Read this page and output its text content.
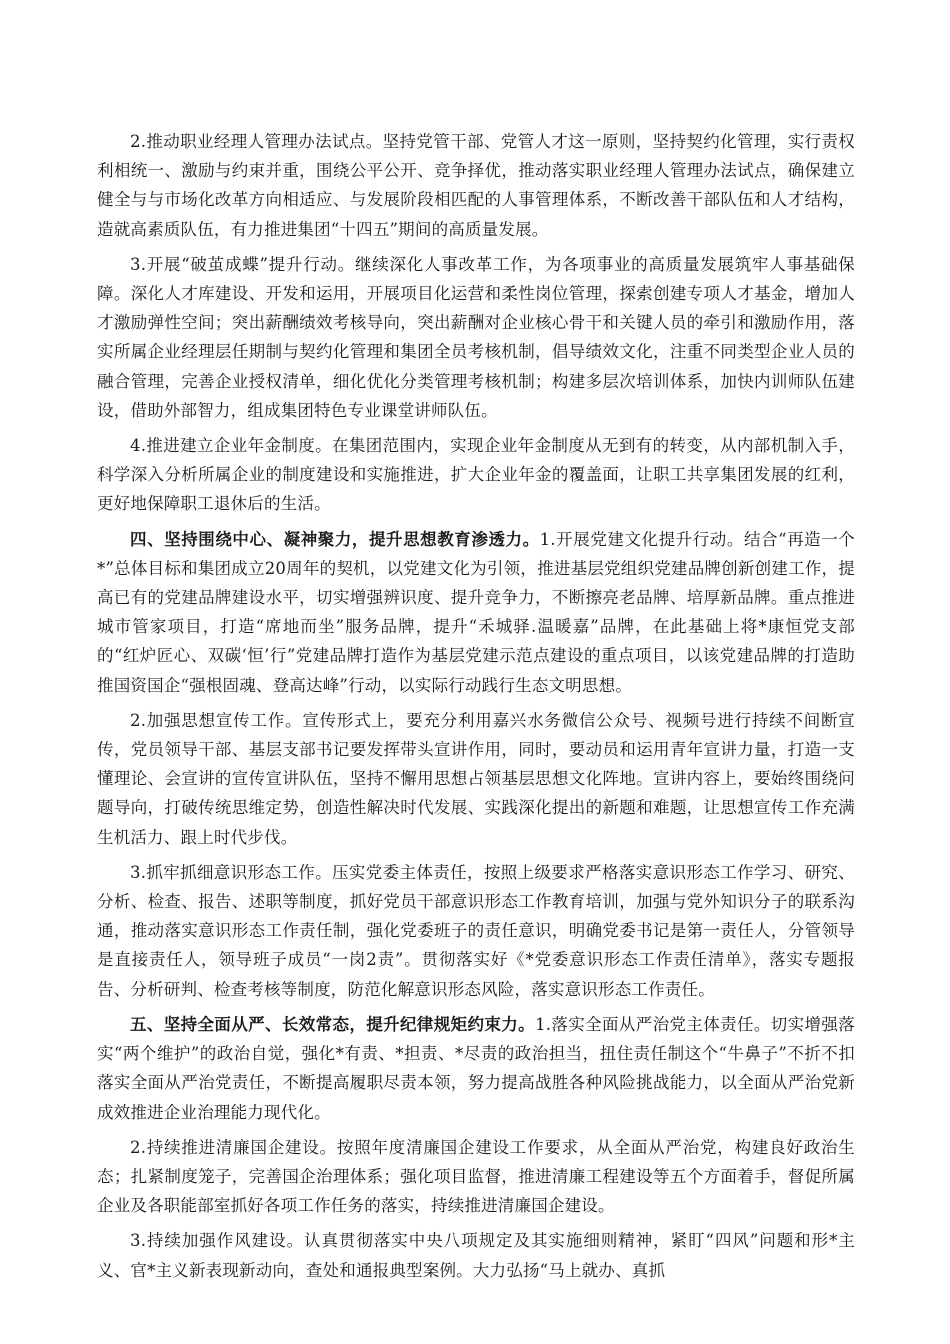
2.推动职业经理人管理办法试点。坚持党管干部、党管人才这一原则，坚持契约化管理，实行责权利相统一、激励与约束并重，围绕公平公开、竞争择优，推动落实职业经理人管理办法试点，确保建立健全与与市场化改革方向相适应、与发展阶段相匹配的人事管理体系，不断改善干部队伍和人才结构，造就高素质队伍，有力推进集团“十四五”期间的高质量发展。

3.开展“破茧成蝶”提升行动。继续深化人事改革工作，为各项事业的高质量发展筑牢人事基础保障。深化人才库建设、开发和运用，开展项目化运营和柔性岗位管理，探索创建专项人才基金，增加人才激励弹性空间；突出薪酬绩效考核导向，突出薪酬对企业核心骨干和关键人员的牵引和激励作用，落实所属企业经理层任期制与契约化管理和集团全员考核机制，倡导绩效文化，注重不同类型企业人员的融合管理，完善企业授权清单，细化优化分类管理考核机制；构建多层次培训体系，加快内训师队伍建设，借助外部智力，组成集团特色专业课堂讲师队伍。

4.推进建立企业年金制度。在集团范围内，实现企业年金制度从无到有的转变，从内部机制入手，科学深入分析所属企业的制度建设和实施推进，扩大企业年金的覆盖面，让职工共享集团发展的红利，更好地保障职工退休后的生活。

四、坚持围绕中心、凝神聚力，提升思想教育渗透力。1.开展党建文化提升行动。结合“再造一个*”总体目标和集团成立20周年的契机，以党建文化为引领，推进基层党组织党建品牌创新创建工作，提高已有的党建品牌建设水平，切实增强辨识度、提升竞争力，不断擦亮老品牌、培厚新品牌。重点推进城市管家项目，打造“席地而坐”服务品牌，提升“禾城驿.温暖嘉”品牌，在此基础上将*康恒党支部的“红炉匠心、双碳‘恒’行”党建品牌打造作为基层党建示范点建设的重点项目，以该党建品牌的打造助推国资国企“强根固魂、登高达峰”行动，以实际行动践行生态文明思想。

2.加强思想宣传工作。宣传形式上，要充分利用嘉兴水务微信公众号、视频号进行持续不间断宣传，党员领导干部、基层支部书记要发挥带头宣讲作用，同时，要动员和运用青年宣讲力量，打造一支懂理论、会宣讲的宣传宣讲队伍，坚持不懈用思想占领基层思想文化阵地。宣讲内容上，要始终围绕问题导向，打破传统思维定势，创造性解决时代发展、实践深化提出的新题和难题，让思想宣传工作充满生机活力、跟上时代步伐。

3.抓牢抓细意识形态工作。压实党委主体责任，按照上级要求严格落实意识形态工作学习、研究、分析、检查、报告、述职等制度，抓好党员干部意识形态工作教育培训，加强与党外知识分子的联系沟通，推动落实意识形态工作责任制，强化党委班子的责任意识，明确党委书记是第一责任人，分管领导是直接责任人，领导班子成员“一岗2责”。贯彻落实好《*党委意识形态工作责任清单》，落实专题报告、分析研判、检查考核等制度，防范化解意识形态风险，落实意识形态工作责任。

五、坚持全面从严、长效常态，提升纪律规矩约束力。1.落实全面从严治党主体责任。切实增强落实“两个维护”的政治自觉，强化*有责、*担责、*尽责的政治担当，扭住责任制这个“牛鼻子”不折不扣落实全面从严治党责任，不断提高履职尽责本领，努力提高战胜各种风险挑战能力，以全面从严治党新成效推进企业治理能力现代化。

2.持续推进清廉国企建设。按照年度清廉国企建设工作要求，从全面从严治党，构建良好政治生态；扎紧制度笼子，完善国企治理体系；强化项目监督，推进清廉工程建设等五个方面着手，督促所属企业及各职能部室抓好各项工作任务的落实，持续推进清廉国企建设。

3.持续加强作风建设。认真贯彻落实中央八项规定及其实施细则精神，紧盯“四风”问题和形*主义、官*主义新表现新动向，查处和通报典型案例。大力弘扬“马上就办、真抓
